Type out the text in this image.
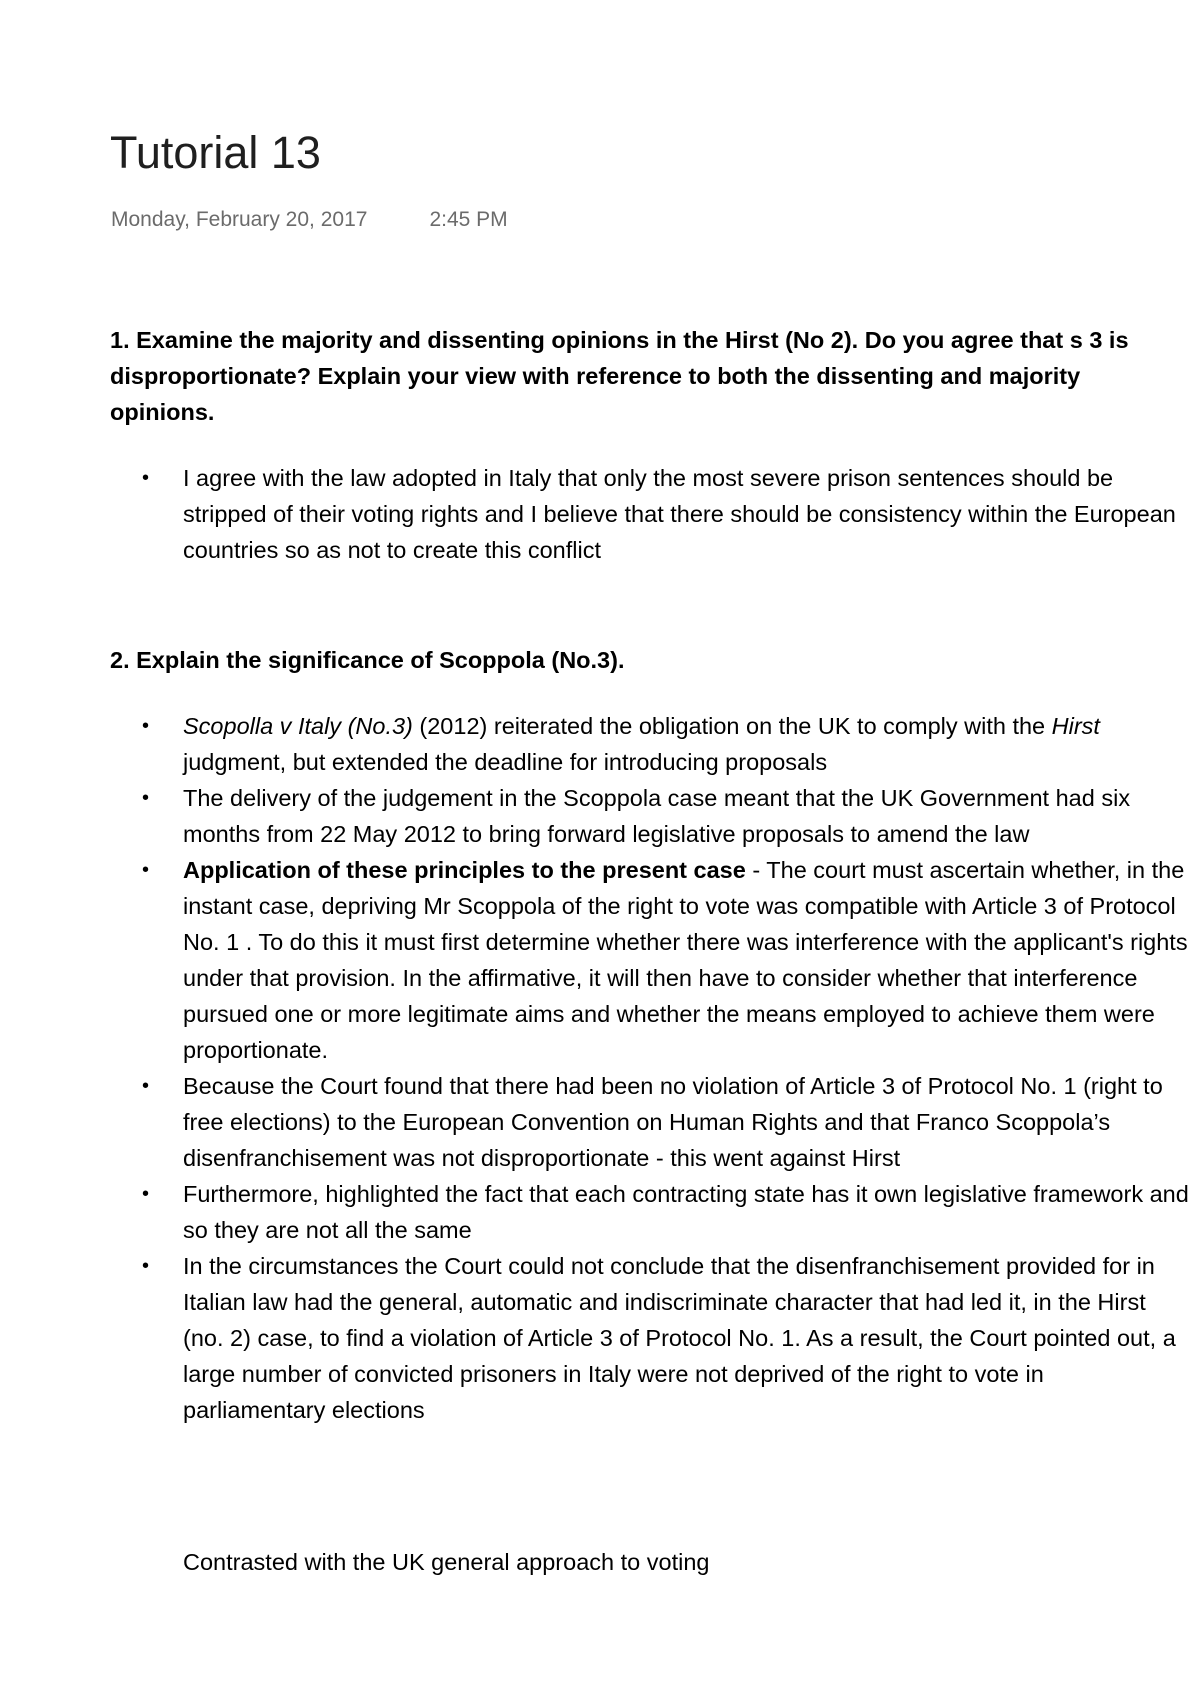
Tutorial 13
Monday, February 20, 2017	2:45 PM

1. Examine the majority and dissenting opinions in the Hirst (No 2). Do you agree that s 3 is disproportionate? Explain your view with reference to both the dissenting and majority opinions.

• I agree with the law adopted in Italy that only the most severe prison sentences should be stripped of their voting rights and I believe that there should be consistency within the European countries so as not to create this conflict

2. Explain the significance of Scoppola (No.3).

• Scopolla v Italy (No.3) (2012) reiterated the obligation on the UK to comply with the Hirst judgment, but extended the deadline for introducing proposals
• The delivery of the judgement in the Scoppola case meant that the UK Government had six months from 22 May 2012 to bring forward legislative proposals to amend the law
• Application of these principles to the present case - The court must ascertain whether, in the instant case, depriving Mr Scoppola of the right to vote was compatible with Article 3 of Protocol No. 1 . To do this it must first determine whether there was interference with the applicant's rights under that provision. In the affirmative, it will then have to consider whether that interference pursued one or more legitimate aims and whether the means employed to achieve them were proportionate.
• Because the Court found that there had been no violation of Article 3 of Protocol No. 1 (right to free elections) to the European Convention on Human Rights and that Franco Scoppola’s disenfranchisement was not disproportionate - this went against Hirst
• Furthermore, highlighted the fact that each contracting state has it own legislative framework and so they are not all the same
• In the circumstances the Court could not conclude that the disenfranchisement provided for in Italian law had the general, automatic and indiscriminate character that had led it, in the Hirst (no. 2) case, to find a violation of Article 3 of Protocol No. 1. As a result, the Court pointed out, a large number of convicted prisoners in Italy were not deprived of the right to vote in parliamentary elections
Contrasted with the UK general approach to voting
